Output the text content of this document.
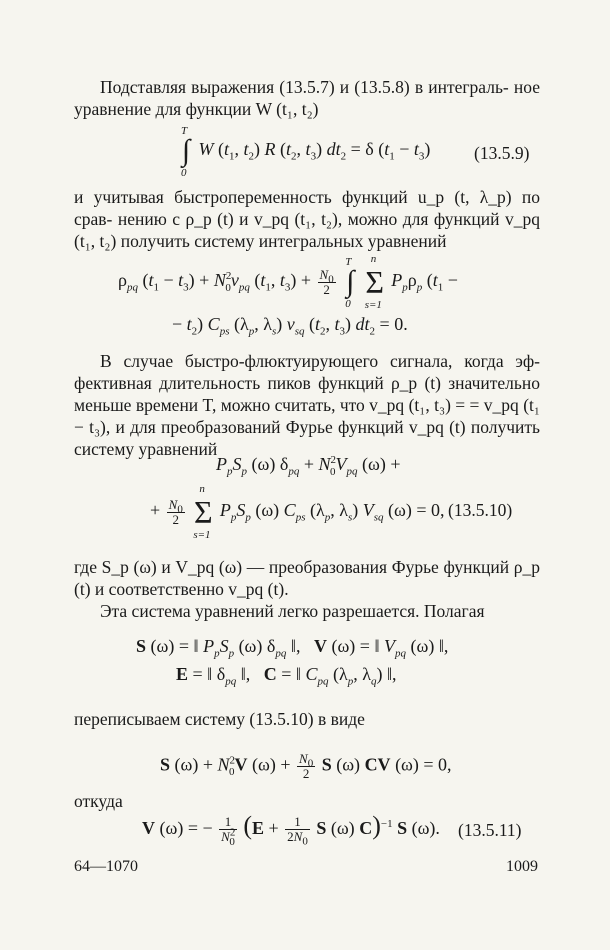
Подставляя выражения (13.5.7) и (13.5.8) в интеграль- ное уравнение для функции W (t₁, t₂)
∫
T
0
W ($t_1$, $t_2$) R ($t_2$, $t_3$) $dt_2 = \delta$ $(t_1 - t_3)$ (13.5.9)
и учитывая быстропеременность функций u_p (t, λ_p) по срав- нению с ρ_p (t) и v_pq (t₁, t₂), можно для функций v_pq (t₁, t₂) получить систему интегральных уравнений
$\rho_{pq}$ $(t_1 - t_3) + N^2_0v_{pq}$ ($t_1$, $t_3) + \frac{N_0}{2}$ ∫
T
0
Σ
n
s=1
$P_p\rho_p$ ($t_1$ −
− $t_2$) $C_{ps}$ ($\lambda_p$, $\lambda_s$) $v_{sq}$ ($t_2$, $t_3$) $dt_2 = 0$.
В случае быстро-флюктуирующего сигнала, когда эф- фективная длительность пиков функций ρ_p (t) значительно меньше времени T, можно считать, что v_pq (t₁, t₃) = = v_pq (t₁ − t₃), и для преобразований Фурье функций v_pq (t) получить систему уравнений
$P_pS_p$ (ω) $\delta_{pq} + N^2_0V_{pq}$ (ω) +
+ $\frac{N_0}{2}$ Σ
n
s=1
$P_pS_p$ (ω) $C_{ps}$ ($\lambda_p$, $\lambda_s$) $V_{sq}$ (ω) = 0, (13.5.10)
где S_p (ω) и V_pq (ω) — преобразования Фурье функций ρ_p (t) и соответственно v_pq (t).
Эта система уравнений легко разрешается. Полагая
S (ω) = ‖ $P_pS_p$ (ω) $\delta_{pq}$ ‖,   V (ω) = ‖ $V_{pq}$ (ω) ‖,
E = ‖ $\delta_{pq}$ ‖,   C = ‖ $C_{pq}$ ($\lambda_p$, $\lambda_q$) ‖,
переписываем систему (13.5.10) в виде
S $(\omega) + N^2_0V$ $(\omega) + \frac{N_0}{2}$ S (ω) CV (ω) = 0,
откуда
V (ω) = − $\frac{1}{N^2_0} (E + \frac{1}{2N_0}$ S (ω) C)$^{-1}$ S (ω). (13.5.11)
64—1070	1009
